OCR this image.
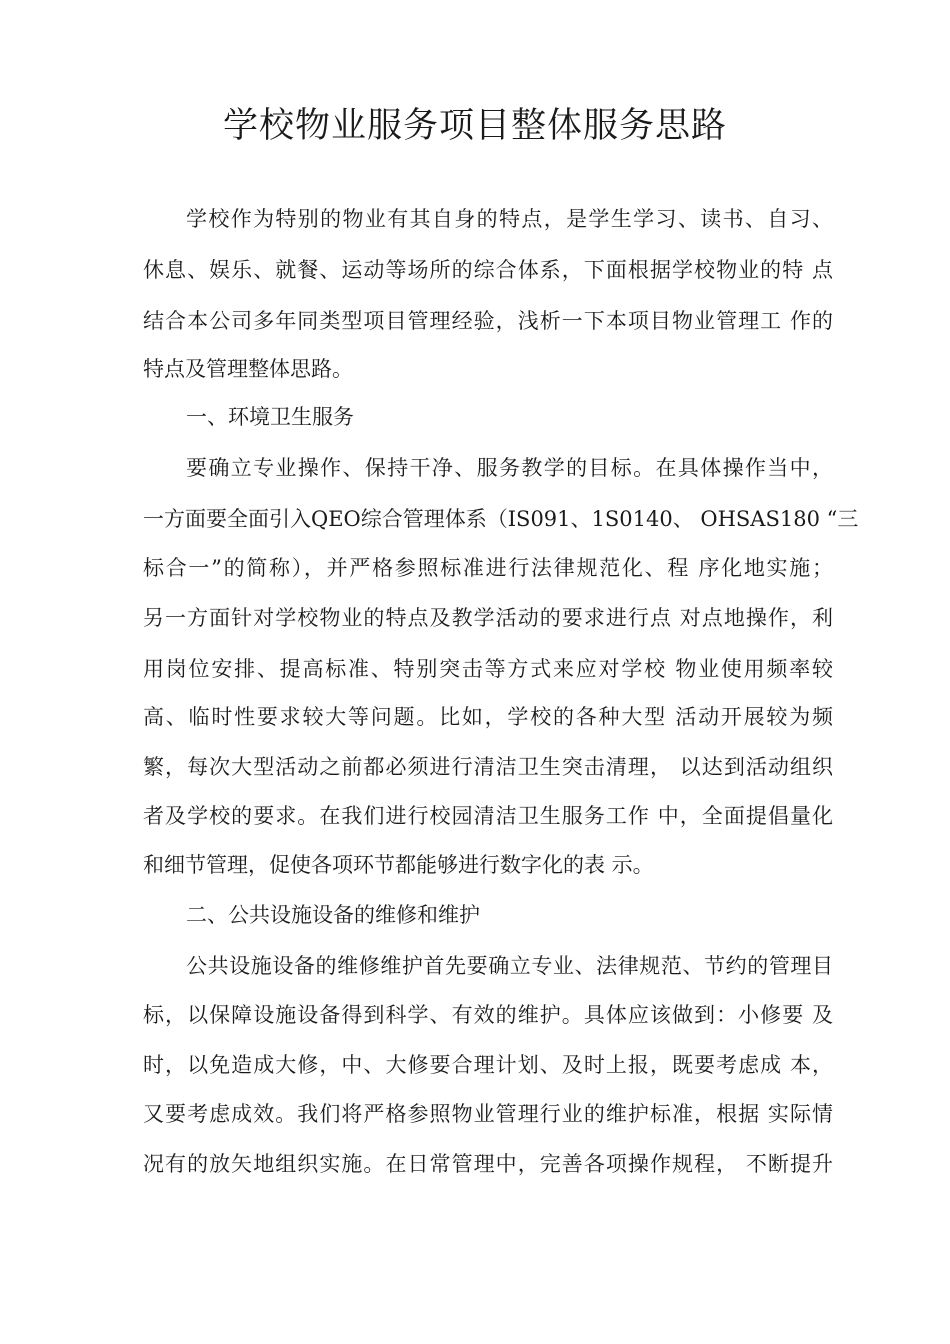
学校物业服务项目整体服务思路

学校作为特别的物业有其自身的特点，是学生学习、读书、自习、

休息、娱乐、就餐、运动等场所的综合体系，下面根据学校物业的特 点

结合本公司多年同类型项目管理经验，浅析一下本项目物业管理工 作的

特点及管理整体思路。

一、环境卫生服务

要确立专业操作、保持干净、服务教学的目标。在具体操作当中，

一方面要全面引入QEO综合管理体系（IS091、1S0140、 OHSAS180 “三

标合一”的简称），并严格参照标准进行法律规范化、程 序化地实施；

另一方面针对学校物业的特点及教学活动的要求进行点 对点地操作，利

用岗位安排、提高标准、特别突击等方式来应对学校 物业使用频率较

高、临时性要求较大等问题。比如，学校的各种大型 活动开展较为频

繁，每次大型活动之前都必须进行清洁卫生突击清理， 以达到活动组织

者及学校的要求。在我们进行校园清洁卫生服务工作 中，全面提倡量化

和细节管理，促使各项环节都能够进行数字化的表 示。

二、公共设施设备的维修和维护

公共设施设备的维修维护首先要确立专业、法律规范、节约的管理目

标，以保障设施设备得到科学、有效的维护。具体应该做到：小修要 及

时，以免造成大修，中、大修要合理计划、及时上报，既要考虑成 本，

又要考虑成效。我们将严格参照物业管理行业的维护标准，根据 实际情

况有的放矢地组织实施。在日常管理中，完善各项操作规程， 不断提升
